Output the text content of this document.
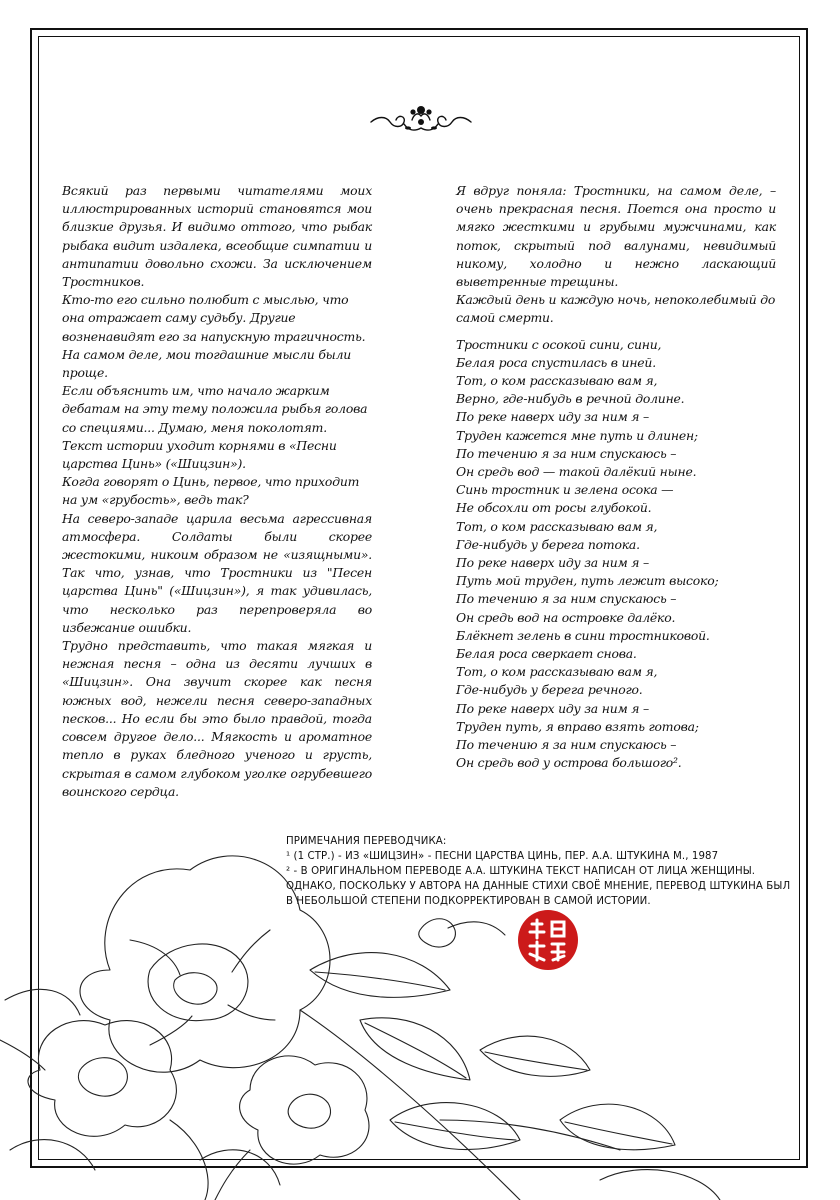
Всякий раз первыми читателями моих иллюстрированных историй становятся мои близкие друзья. И видимо оттого, что рыбак рыбака видит издалека, всеобщие симпатии и антипатии довольно схожи. За исключением Тростников.

Кто-то его сильно полюбит с мыслью, что она отражает саму судьбу. Другие возненавидят его за напускную трагичность.

На самом деле, мои тогдашние мысли были проще.

Если объяснить им, что начало жарким дебатам на эту тему положила рыбья голова со специями... Думаю, меня поколотят.

Текст истории уходит корнями в «Песни царства Цинь» («Шицзин»).

Когда говорят о Цинь, первое, что приходит на ум «грубость», ведь так?

На северо-западе царила весьма агрессивная атмосфера. Солдаты были скорее жестокими, никоим образом не «изящными». Так что, узнав, что Тростники из "Песен царства Цинь" («Шицзин»), я так удивилась, что несколько раз перепроверяла во избежание ошибки.

Трудно представить, что такая мягкая и нежная песня – одна из десяти лучших в «Шицзин». Она звучит скорее как песня южных вод, нежели песня северо-западных песков... Но если бы это было правдой, тогда совсем другое дело... Мягкость и ароматное тепло в руках бледного ученого и грусть, скрытая в самом глубоком уголке огрубевшего воинского сердца.

Я вдруг поняла: Тростники, на самом деле, – очень прекрасная песня. Поется она просто и мягко жесткими и грубыми мужчинами, как поток, скрытый под валунами, невидимый никому, холодно и нежно ласкающий выветренные трещины.

Каждый день и каждую ночь, непоколебимый до самой смерти.

Тростники с осокой сини, сини,
Белая роса спустилась в иней.
Тот, о ком рассказываю вам я,
Верно, где-нибудь в речной долине.
По реке наверх иду за ним я –
Труден кажется мне путь и длинен;
По течению я за ним спускаюсь –
Он средь вод — такой далёкий ныне.
Синь тростник и зелена осока —
Не обсохли от росы глубокой.
Тот, о ком рассказываю вам я,
Где-нибудь у берега потока.
По реке наверх иду за ним я –
Путь мой труден, путь лежит высоко;
По течению я за ним спускаюсь –
Он средь вод на островке далёко.
Блёкнет зелень в сини тростниковой.
Белая роса сверкает снова.
Тот, о ком рассказываю вам я,
Где-нибудь у берега речного.
По реке наверх иду за ним я –
Труден путь, я вправо взять готова;
По течению я за ним спускаюсь –
Он средь вод у острова большого².
ПРИМЕЧАНИЯ ПЕРЕВОДЧИКА:
¹ (1 СТР.) - ИЗ «ШИЦЗИН» - ПЕСНИ ЦАРСТВА ЦИНЬ, ПЕР. А.А. ШТУКИНА М., 1987
² - В ОРИГИНАЛЬНОМ ПЕРЕВОДЕ А.А. ШТУКИНА ТЕКСТ НАПИСАН ОТ ЛИЦА ЖЕНЩИНЫ.
ОДНАКО, ПОСКОЛЬКУ У АВТОРА НА ДАННЫЕ СТИХИ СВОЁ МНЕНИЕ, ПЕРЕВОД ШТУКИНА БЫЛ
В НЕБОЛЬШОЙ СТЕПЕНИ ПОДКОРРЕКТИРОВАН В САМОЙ ИСТОРИИ.
